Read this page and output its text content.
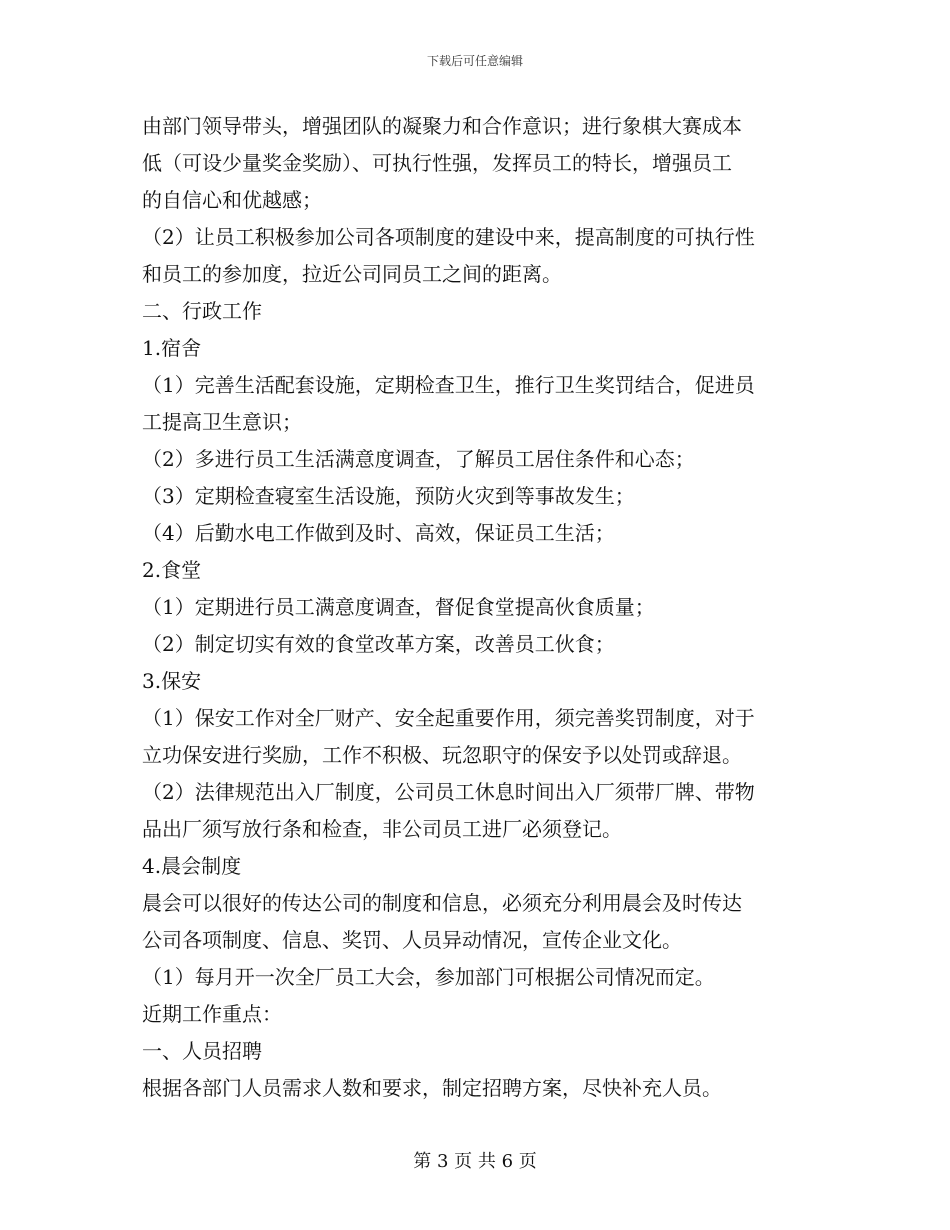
下载后可任意编辑
由部门领导带头，增强团队的凝聚力和合作意识；进行象棋大赛成本
低（可设少量奖金奖励）、可执行性强，发挥员工的特长，增强员工
的自信心和优越感；
（2）让员工积极参加公司各项制度的建设中来，提高制度的可执行性
和员工的参加度，拉近公司同员工之间的距离。
二、行政工作
1.宿舍
（1）完善生活配套设施，定期检查卫生，推行卫生奖罚结合，促进员
工提高卫生意识；
（2）多进行员工生活满意度调查，了解员工居住条件和心态；
（3）定期检查寝室生活设施，预防火灾到等事故发生；
（4）后勤水电工作做到及时、高效，保证员工生活；
2.食堂
（1）定期进行员工满意度调查，督促食堂提高伙食质量；
（2）制定切实有效的食堂改革方案，改善员工伙食；
3.保安
（1）保安工作对全厂财产、安全起重要作用，须完善奖罚制度，对于
立功保安进行奖励，工作不积极、玩忽职守的保安予以处罚或辞退。
（2）法律规范出入厂制度，公司员工休息时间出入厂须带厂牌、带物
品出厂须写放行条和检查，非公司员工进厂必须登记。
4.晨会制度
晨会可以很好的传达公司的制度和信息，必须充分利用晨会及时传达
公司各项制度、信息、奖罚、人员异动情况，宣传企业文化。
（1）每月开一次全厂员工大会，参加部门可根据公司情况而定。
近期工作重点：
一、人员招聘
根据各部门人员需求人数和要求，制定招聘方案，尽快补充人员。
第 3 页 共 6 页
